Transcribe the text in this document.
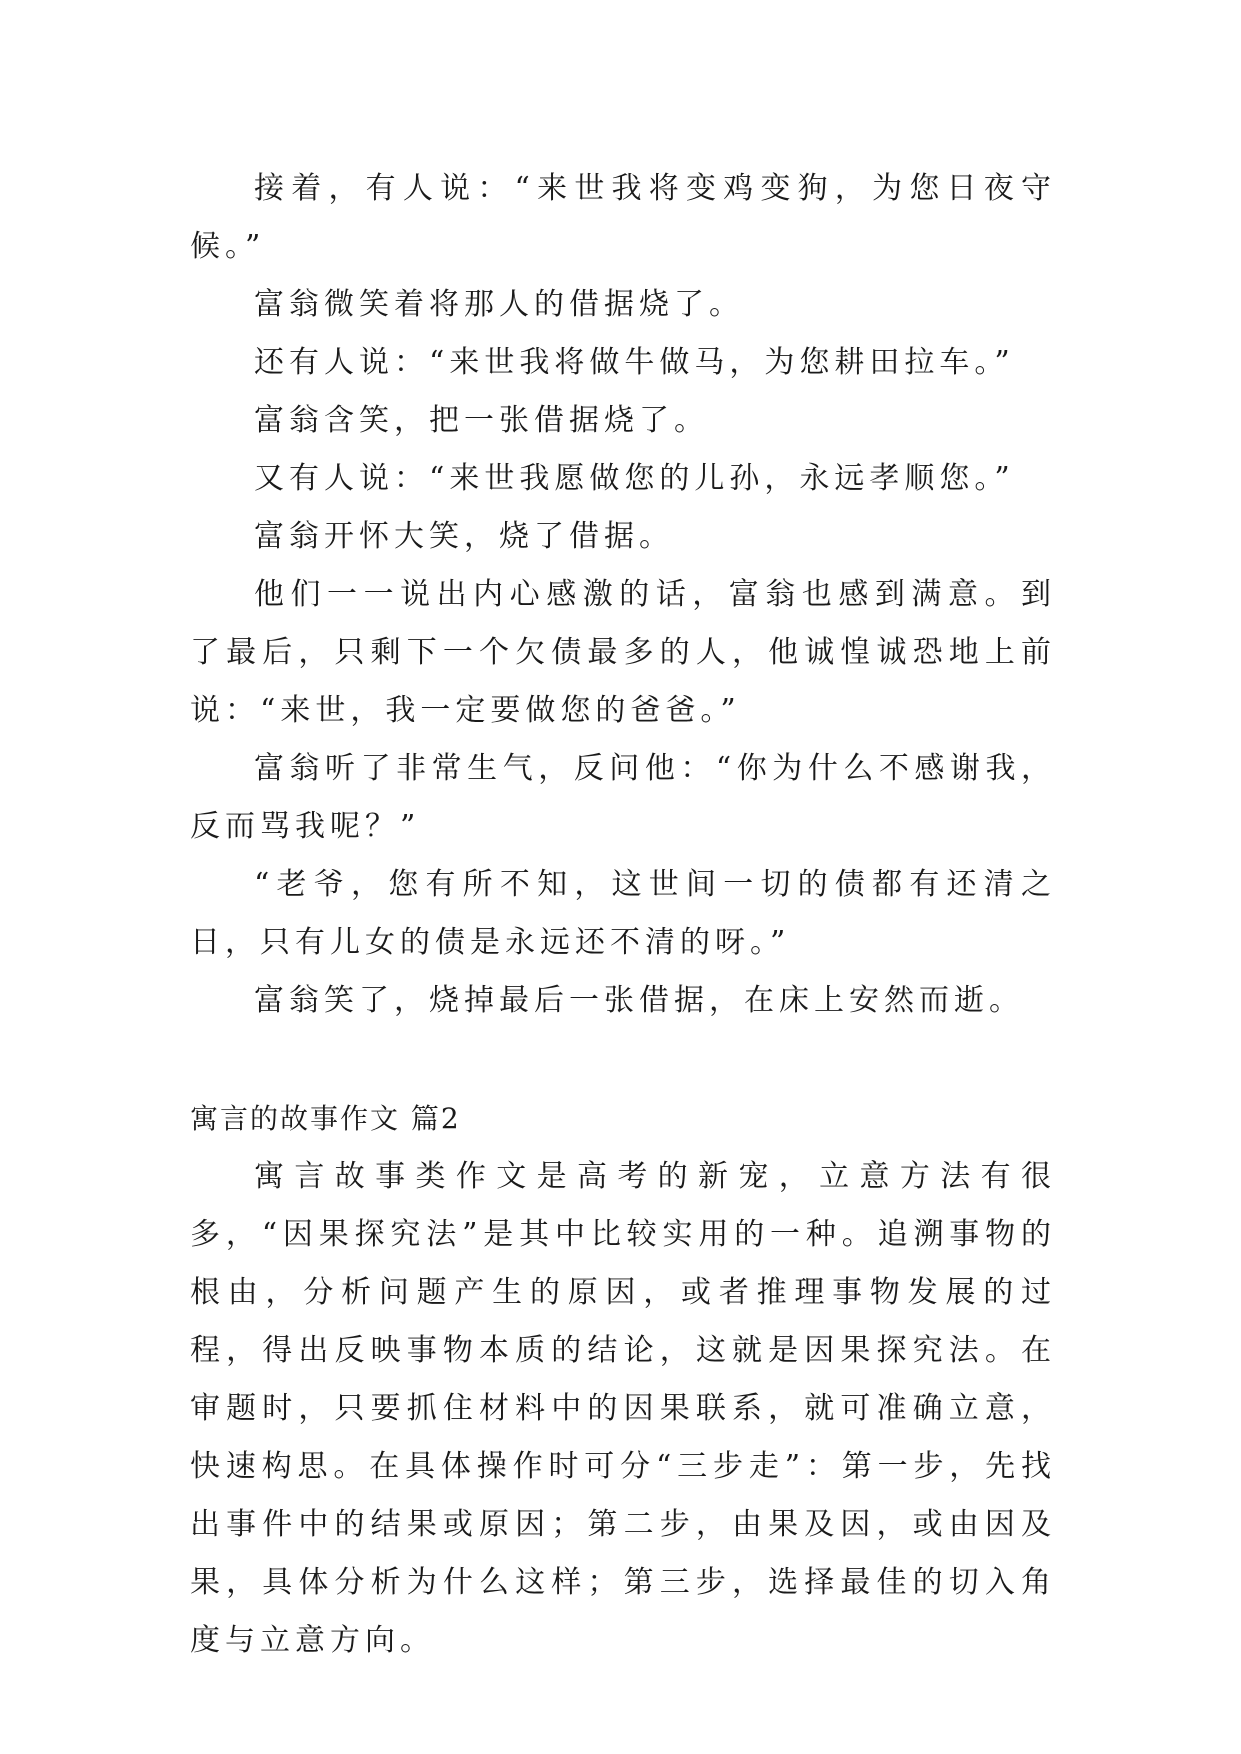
接着，有人说：“来世我将变鸡变狗，为您日夜守候。”

富翁微笑着将那人的借据烧了。

还有人说：“来世我将做牛做马，为您耕田拉车。”

富翁含笑，把一张借据烧了。

又有人说：“来世我愿做您的儿孙，永远孝顺您。”

富翁开怀大笑，烧了借据。

他们一一说出内心感激的话，富翁也感到满意。到了最后，只剩下一个欠债最多的人，他诚惶诚恐地上前说：“来世，我一定要做您的爸爸。”

富翁听了非常生气，反问他：“你为什么不感谢我，反而骂我呢？”

“老爷，您有所不知，这世间一切的债都有还清之日，只有儿女的债是永远还不清的呀。”

富翁笑了，烧掉最后一张借据，在床上安然而逝。

寓言的故事作文 篇2

寓言故事类作文是高考的新宠，立意方法有很多，“因果探究法”是其中比较实用的一种。追溯事物的根由，分析问题产生的原因，或者推理事物发展的过程，得出反映事物本质的结论，这就是因果探究法。在审题时，只要抓住材料中的因果联系，就可准确立意，快速构思。在具体操作时可分“三步走”：第一步，先找出事件中的结果或原因；第二步，由果及因，或由因及果，具体分析为什么这样；第三步，选择最佳的切入角度与立意方向。
